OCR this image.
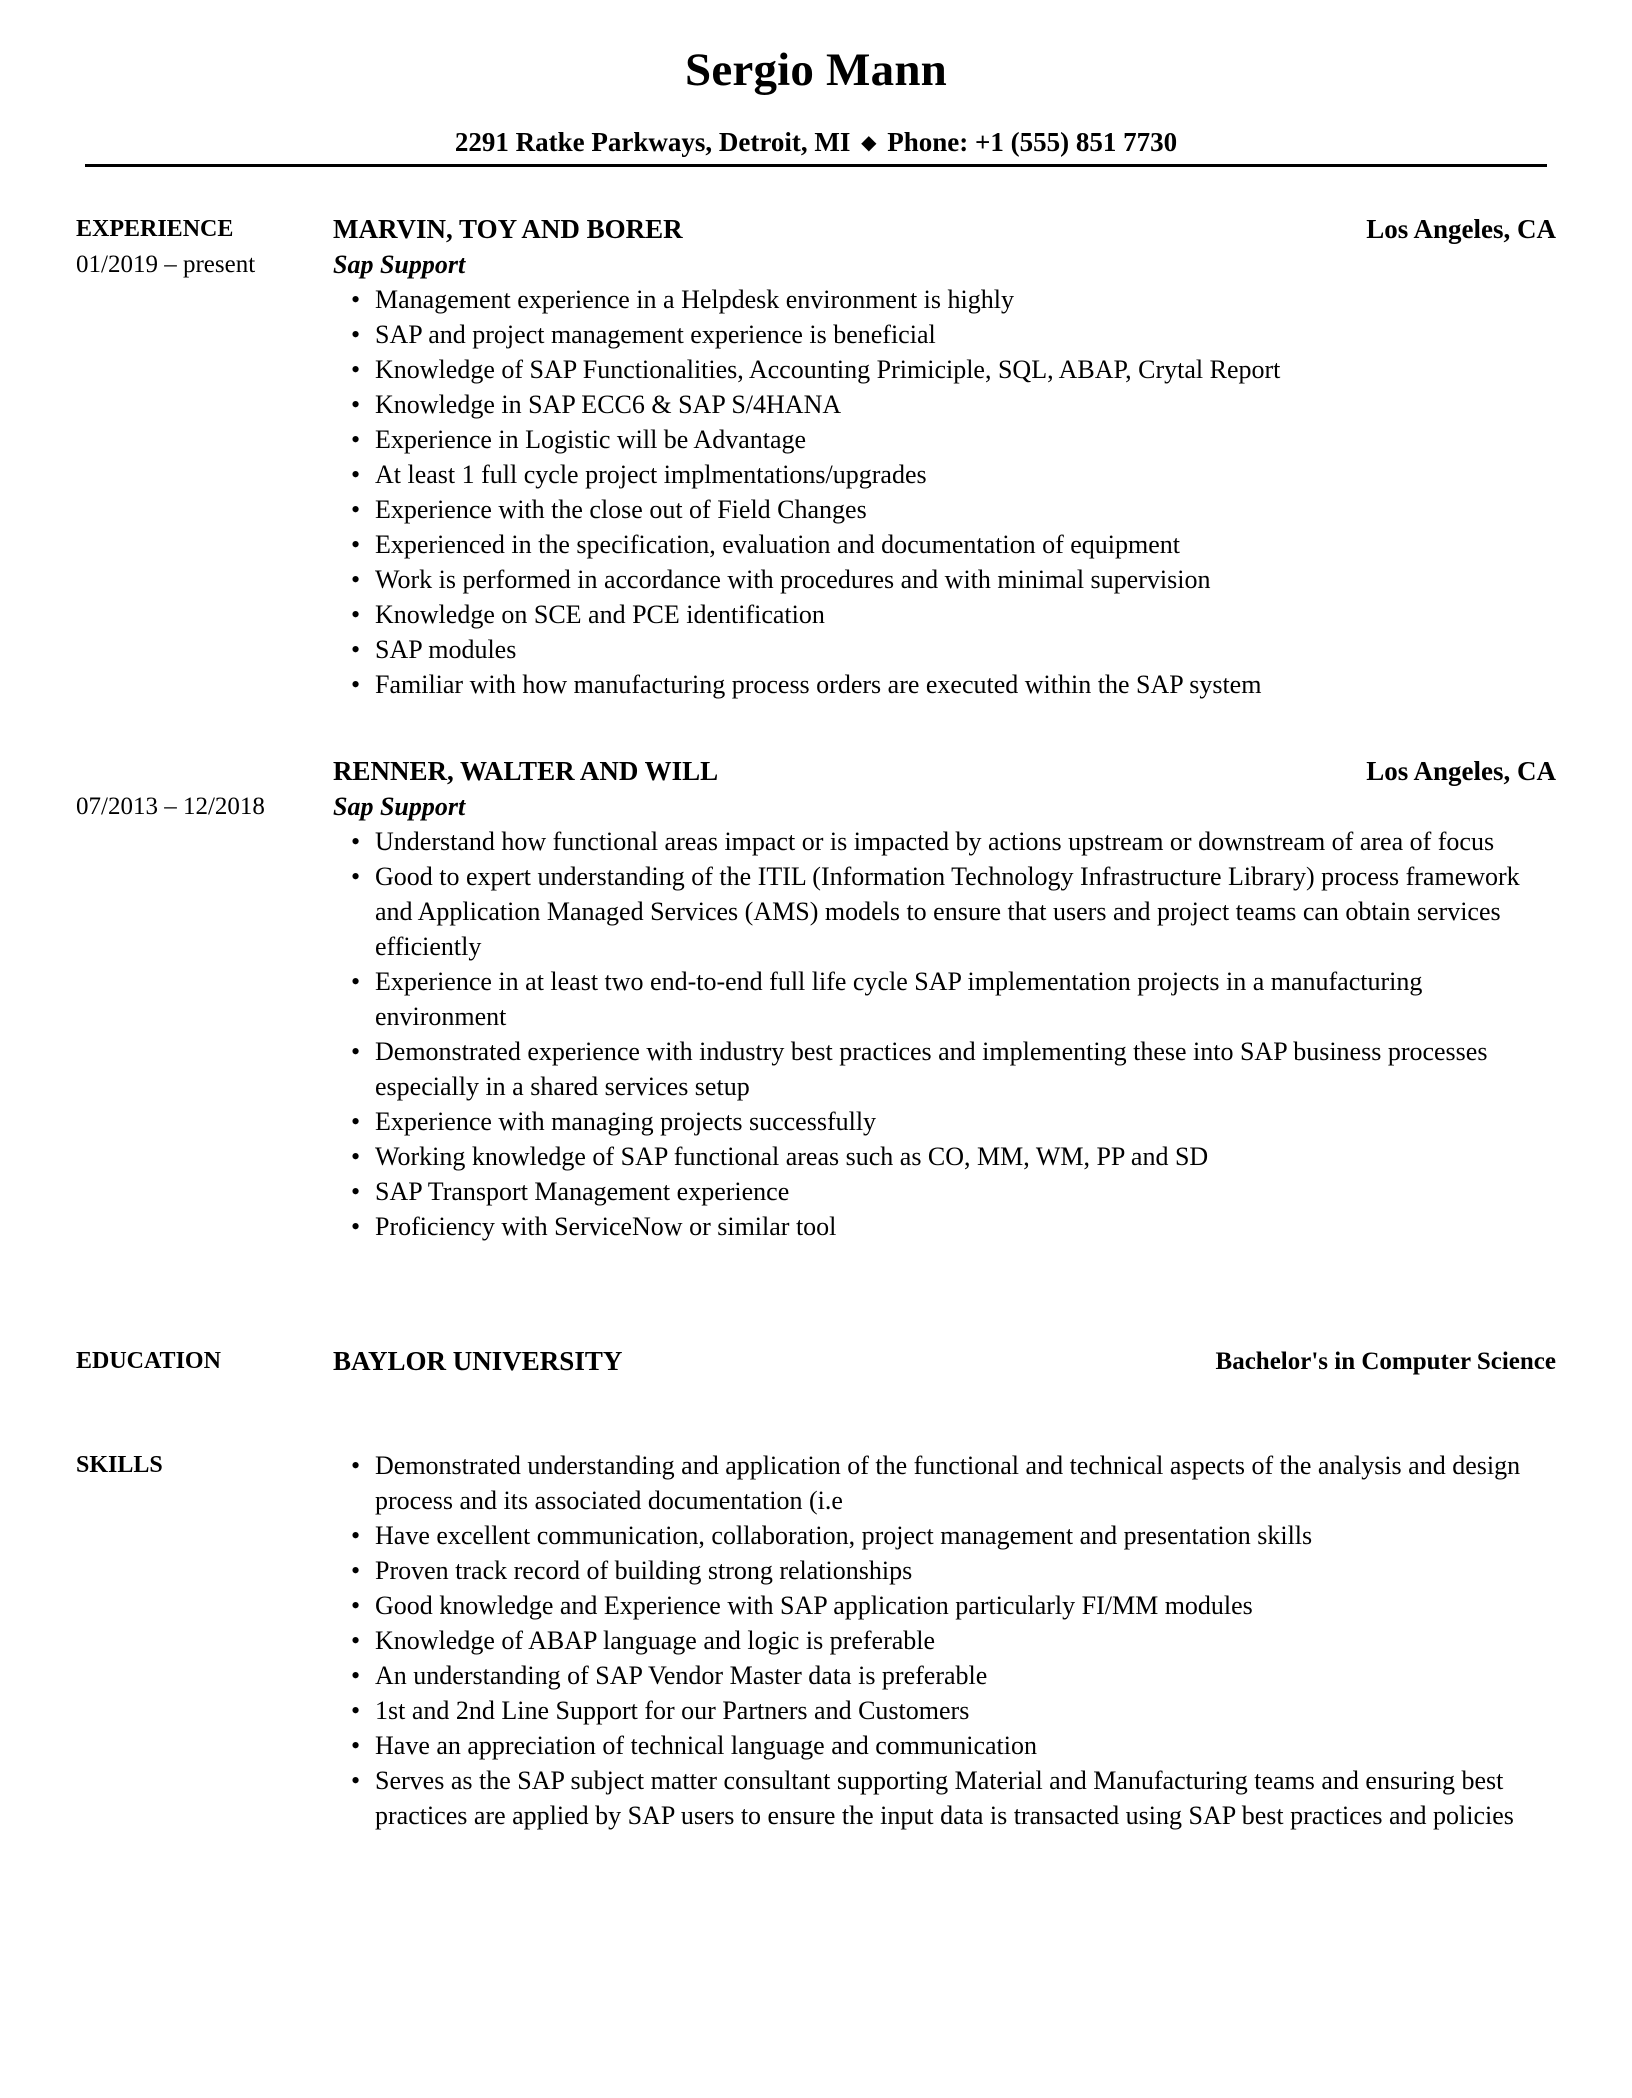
Sergio Mann
2291 Ratke Parkways, Detroit, MI ◆ Phone: +1 (555) 851 7730
EXPERIENCE
01/2019 – present
MARVIN, TOY AND BORER	Los Angeles, CA
Sap Support
• Management experience in a Helpdesk environment is highly
• SAP and project management experience is beneficial
• Knowledge of SAP Functionalities, Accounting Primiciple, SQL, ABAP, Crytal Report
• Knowledge in SAP ECC6 & SAP S/4HANA
• Experience in Logistic will be Advantage
• At least 1 full cycle project implmentations/upgrades
• Experience with the close out of Field Changes
• Experienced in the specification, evaluation and documentation of equipment
• Work is performed in accordance with procedures and with minimal supervision
• Knowledge on SCE and PCE identification
• SAP modules
• Familiar with how manufacturing process orders are executed within the SAP system
07/2013 – 12/2018
RENNER, WALTER AND WILL	Los Angeles, CA
Sap Support
• Understand how functional areas impact or is impacted by actions upstream or downstream of area of focus
• Good to expert understanding of the ITIL (Information Technology Infrastructure Library) process framework and Application Managed Services (AMS) models to ensure that users and project teams can obtain services efficiently
• Experience in at least two end-to-end full life cycle SAP implementation projects in a manufacturing environment
• Demonstrated experience with industry best practices and implementing these into SAP business processes especially in a shared services setup
• Experience with managing projects successfully
• Working knowledge of SAP functional areas such as CO, MM, WM, PP and SD
• SAP Transport Management experience
• Proficiency with ServiceNow or similar tool
EDUCATION	BAYLOR UNIVERSITY	Bachelor's in Computer Science
SKILLS	• Demonstrated understanding and application of the functional and technical aspects of the analysis and design process and its associated documentation (i.e
• Have excellent communication, collaboration, project management and presentation skills
• Proven track record of building strong relationships
• Good knowledge and Experience with SAP application particularly FI/MM modules
• Knowledge of ABAP language and logic is preferable
• An understanding of SAP Vendor Master data is preferable
• 1st and 2nd Line Support for our Partners and Customers
• Have an appreciation of technical language and communication
• Serves as the SAP subject matter consultant supporting Material and Manufacturing teams and ensuring best practices are applied by SAP users to ensure the input data is transacted using SAP best practices and policies
